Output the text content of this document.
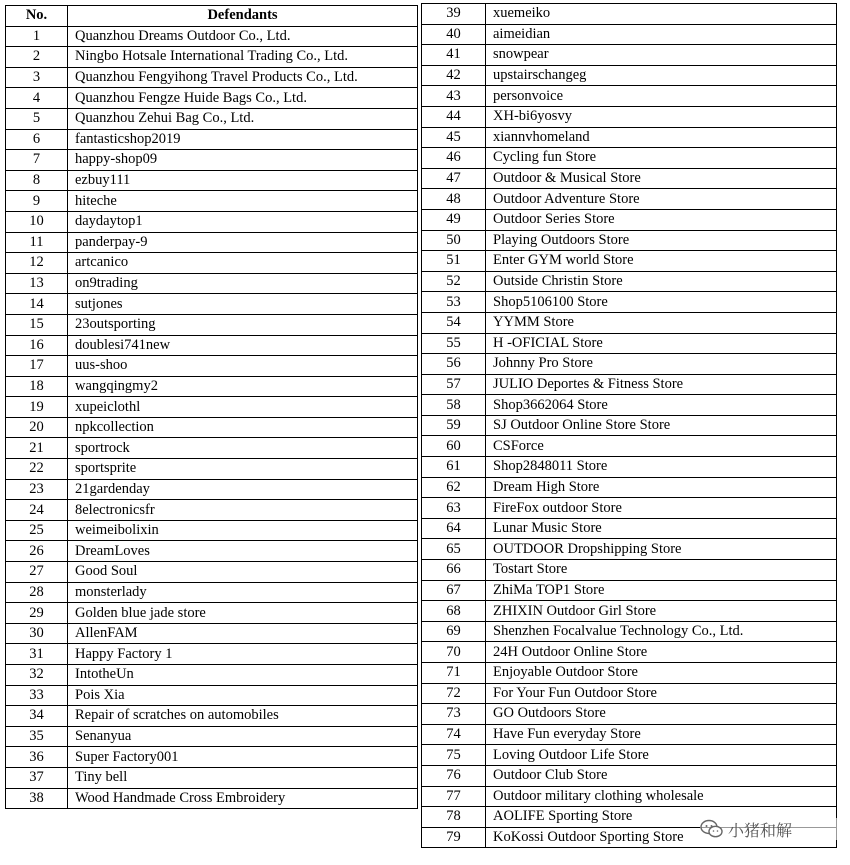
No.	Defendants
1	Quanzhou Dreams Outdoor Co., Ltd.
2	Ningbo Hotsale International Trading Co., Ltd.
3	Quanzhou Fengyihong Travel Products Co., Ltd.
4	Quanzhou Fengze Huide Bags Co., Ltd.
5	Quanzhou Zehui Bag Co., Ltd.
6	fantasticshop2019
7	happy-shop09
8	ezbuy111
9	hiteche
10	daydaytop1
11	panderpay-9
12	artcanico
13	on9trading
14	sutjones
15	23outsporting
16	doublesi741new
17	uus-shoo
18	wangqingmy2
19	xupeiclothl
20	npkcollection
21	sportrock
22	sportsprite
23	21gardenday
24	8electronicsfr
25	weimeibolixin
26	DreamLoves
27	Good Soul
28	monsterlady
29	Golden blue jade store
30	AllenFAM
31	Happy Factory 1
32	IntotheUn
33	Pois Xia
34	Repair of scratches on automobiles
35	Senanyua
36	Super Factory001
37	Tiny bell
38	Wood Handmade Cross Embroidery
39	xuemeiko
40	aimeidian
41	snowpear
42	upstairschangeg
43	personvoice
44	XH-bi6yosvy
45	xiannvhomeland
46	Cycling fun Store
47	Outdoor & Musical Store
48	Outdoor Adventure Store
49	Outdoor Series Store
50	Playing Outdoors Store
51	Enter GYM world Store
52	Outside Christin Store
53	Shop5106100 Store
54	YYMM Store
55	H -OFICIAL Store
56	Johnny Pro Store
57	JULIO Deportes & Fitness Store
58	Shop3662064 Store
59	SJ Outdoor Online Store Store
60	CSForce
61	Shop2848011 Store
62	Dream High Store
63	FireFox outdoor Store
64	Lunar Music Store
65	OUTDOOR Dropshipping Store
66	Tostart Store
67	ZhiMa TOP1 Store
68	ZHIXIN Outdoor Girl Store
69	Shenzhen Focalvalue Technology Co., Ltd.
70	24H Outdoor Online Store
71	Enjoyable Outdoor Store
72	For Your Fun Outdoor Store
73	GO Outdoors Store
74	Have Fun everyday Store
75	Loving Outdoor Life Store
76	Outdoor Club Store
77	Outdoor military clothing wholesale
78	AOLIFE Sporting Store
79	KoKossi Outdoor Sporting Store	小猪和解
